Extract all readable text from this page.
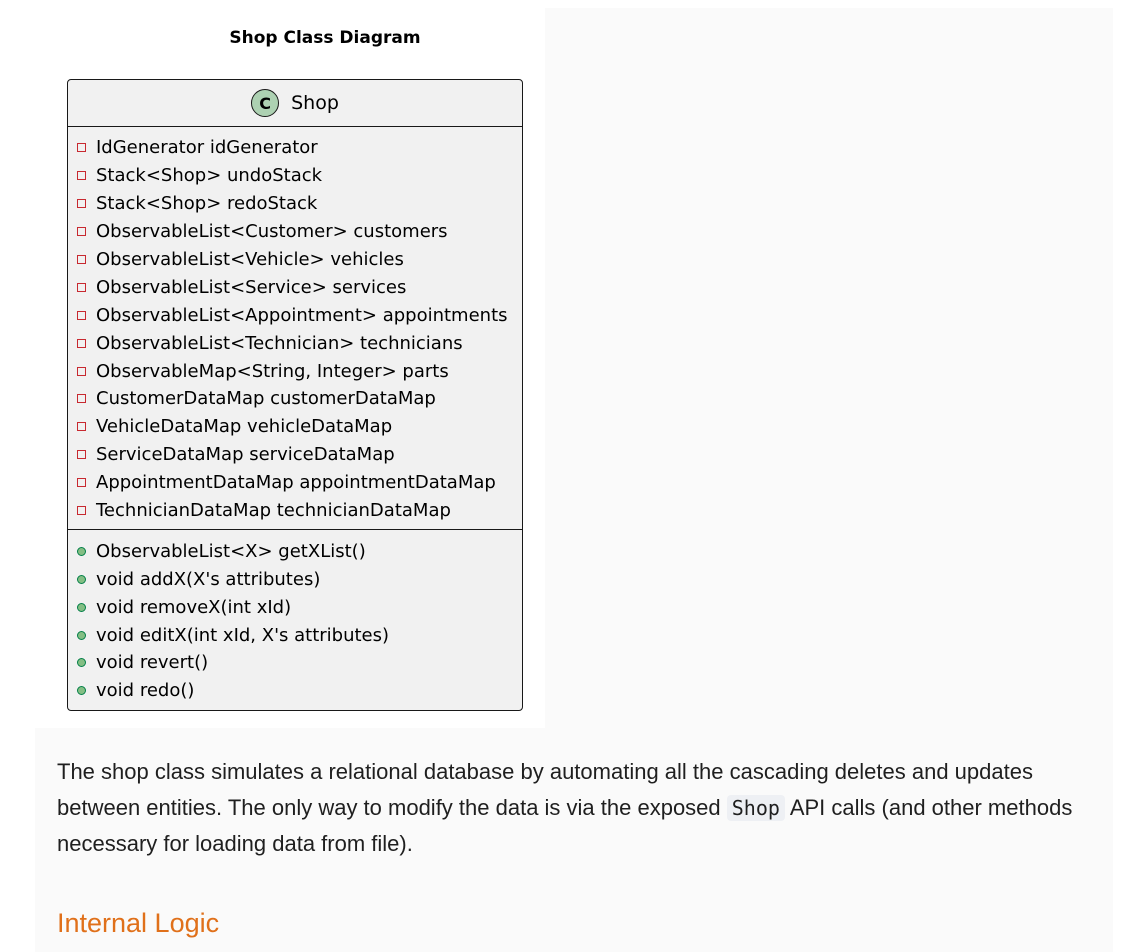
Shop Class Diagram
C	Shop
IdGenerator idGenerator
Stack<Shop> undoStack
Stack<Shop> redoStack
ObservableList<Customer> customers
ObservableList<Vehicle> vehicles
ObservableList<Service> services
ObservableList<Appointment> appointments
ObservableList<Technician> technicians
ObservableMap<String, Integer> parts
CustomerDataMap customerDataMap
VehicleDataMap vehicleDataMap
ServiceDataMap serviceDataMap
AppointmentDataMap appointmentDataMap
TechnicianDataMap technicianDataMap
ObservableList<X> getXList()
void addX(X's attributes)
void removeX(int xId)
void editX(int xId, X's attributes)
void revert()
void redo()
The shop class simulates a relational database by automating all the cascading deletes and updates between entities. The only way to modify the data is via the exposed Shop API calls (and other methods necessary for loading data from file).
Internal Logic
